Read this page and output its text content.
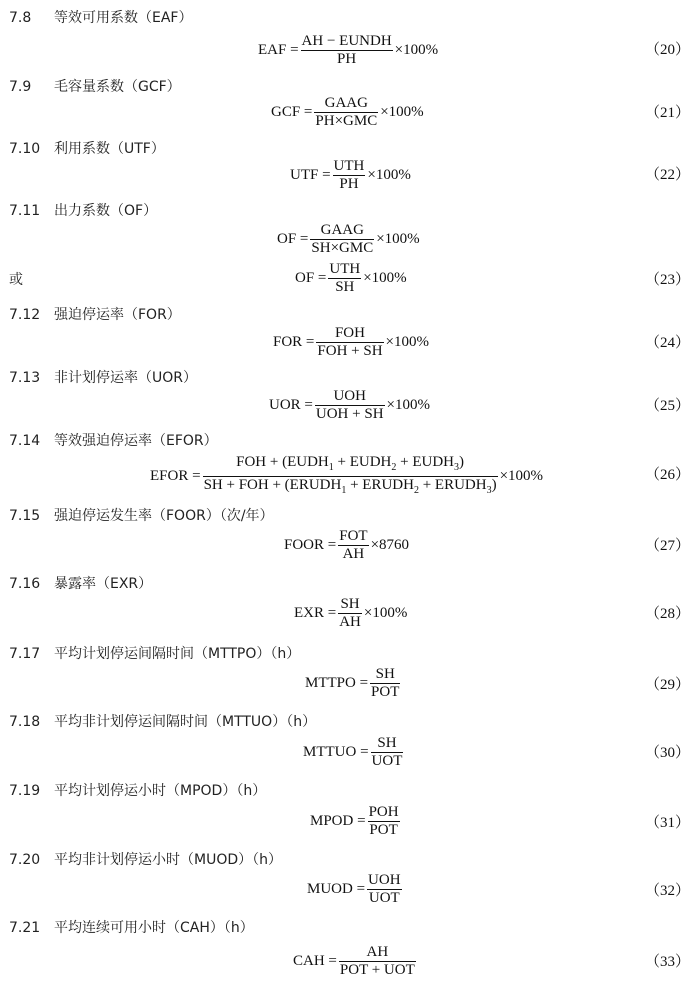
7.8 等效可用系数（EAF）
EAF = $\frac{\text{AH − EUNDH}}{PH} \times 100\%$	（20）
7.9 毛容量系数（GCF）
GCF = $\frac{\text{GAAG}}{\text{PH×GMC}} \times 100\%$	（21）
7.10 利用系数（UTF）
UTF = $\frac{\text{UTH}}{PH} \times 100\%$	（22）
7.11 出力系数（OF）
OF = $\frac{\text{GAAG}}{\text{SH×GMC}} \times 100\%$
或	OF = $\frac{\text{UTH}}{SH} \times 100\%$	（23）
7.12 强迫停运率（FOR）
FOR = $\frac{\text{FOH}}{\text{FOH + SH}} \times 100\%$	（24）
7.13 非计划停运率（UOR）
UOR = $\frac{\text{UOH}}{\text{UOH + SH}} \times 100\%$	（25）
7.14 等效强迫停运率（EFOR）
EFOR = $\frac{FOH + (EUDH_1 + EUDH_2 + EUDH_3)}{SH + FOH + (ERUDH_1 + ERUDH_2 + ERUDH_3)} \times 100\%$	（26）
7.15 强迫停运发生率（FOOR）（次/年）
FOOR = $\frac{\text{FOT}}{AH} \times 8760$	（27）
7.16 暴露率（EXR）
EXR = $\frac{SH}{AH} \times 100\%$	（28）
7.17 平均计划停运间隔时间（MTTPO）（h）
MTTPO = $\frac{SH}{\text{POT}}$	（29）
7.18 平均非计划停运间隔时间（MTTUO）（h）
MTTUO = $\frac{SH}{\text{UOT}}$	（30）
7.19 平均计划停运小时（MPOD）（h）
MPOD = $\frac{\text{POH}}{\text{POT}}$	（31）
7.20 平均非计划停运小时（MUOD）（h）
MUOD = $\frac{\text{UOH}}{\text{UOT}}$	（32）
7.21 平均连续可用小时（CAH）（h）
CAH = $\frac{AH}{\text{POT + UOT}}$	（33）
